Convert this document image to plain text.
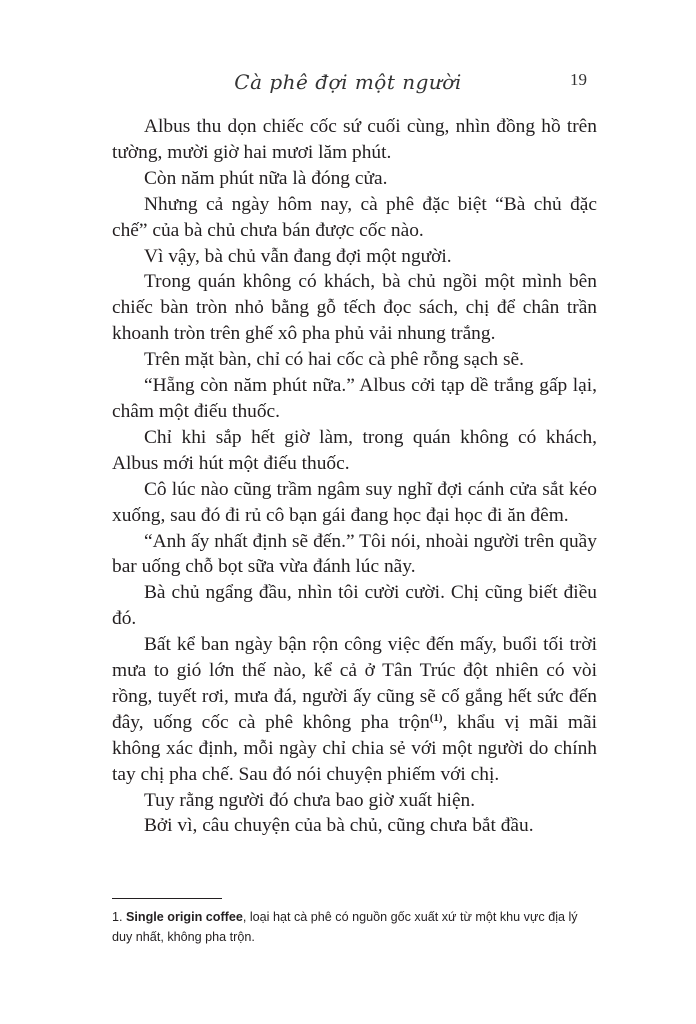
Cà phê đợi một người	19

Albus thu dọn chiếc cốc sứ cuối cùng, nhìn đồng hồ trên tường, mười giờ hai mươi lăm phút.

Còn năm phút nữa là đóng cửa.

Nhưng cả ngày hôm nay, cà phê đặc biệt “Bà chủ đặc chế” của bà chủ chưa bán được cốc nào.

Vì vậy, bà chủ vẫn đang đợi một người.

Trong quán không có khách, bà chủ ngồi một mình bên chiếc bàn tròn nhỏ bằng gỗ tếch đọc sách, chị để chân trần khoanh tròn trên ghế xô pha phủ vải nhung trắng.

Trên mặt bàn, chỉ có hai cốc cà phê rỗng sạch sẽ.

“Hẵng còn năm phút nữa.” Albus cởi tạp dề trắng gấp lại, châm một điếu thuốc.

Chỉ khi sắp hết giờ làm, trong quán không có khách, Albus mới hút một điếu thuốc.

Cô lúc nào cũng trầm ngâm suy nghĩ đợi cánh cửa sắt kéo xuống, sau đó đi rủ cô bạn gái đang học đại học đi ăn đêm.

“Anh ấy nhất định sẽ đến.” Tôi nói, nhoài người trên quầy bar uống chỗ bọt sữa vừa đánh lúc nãy.

Bà chủ ngẩng đầu, nhìn tôi cười cười. Chị cũng biết điều đó.

Bất kể ban ngày bận rộn công việc đến mấy, buổi tối trời mưa to gió lớn thế nào, kể cả ở Tân Trúc đột nhiên có vòi rồng, tuyết rơi, mưa đá, người ấy cũng sẽ cố gắng hết sức đến đây, uống cốc cà phê không pha trộn$^{(1)}$, khẩu vị mãi mãi không xác định, mỗi ngày chỉ chia sẻ với một người do chính tay chị pha chế. Sau đó nói chuyện phiếm với chị.

Tuy rằng người đó chưa bao giờ xuất hiện.

Bởi vì, câu chuyện của bà chủ, cũng chưa bắt đầu.

1. Single origin coffee, loại hạt cà phê có nguồn gốc xuất xứ từ một khu vực địa lý duy nhất, không pha trộn.
